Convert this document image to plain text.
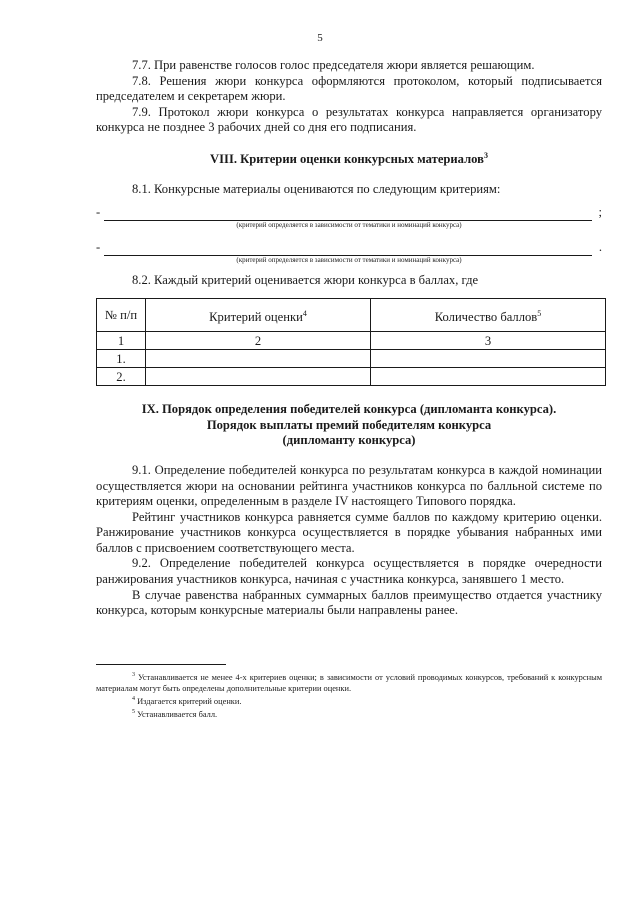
5

7.7. При равенстве голосов голос председателя жюри является решающим.

7.8. Решения жюри конкурса оформляются протоколом, который подписывается председателем и секретарем жюри.

7.9. Протокол жюри конкурса о результатах конкурса направляется организатору конкурса не позднее 3 рабочих дней со дня его подписания.

VIII. Критерии оценки конкурсных материалов$^3$

8.1. Конкурсные материалы оцениваются по следующим критериям:

-	;
(критерий определяется в зависимости от тематики и номинаций конкурса)
-	.
(критерий определяется в зависимости от тематики и номинаций конкурса)

8.2. Каждый критерий оценивается жюри конкурса в баллах, где

№ п/п	Критерий оценки$^4$	Количество баллов$^5$
1	2	3
1.		
2.		

IX. Порядок определения победителей конкурса (дипломанта конкурса).

Порядок выплаты премий победителям конкурса

(дипломанту конкурса)

9.1. Определение победителей конкурса по результатам конкурса в каждой номинации осуществляется жюри на основании рейтинга участников конкурса по балльной системе по критериям оценки, определенным в разделе IV настоящего Типового порядка.

Рейтинг участников конкурса равняется сумме баллов по каждому критерию оценки. Ранжирование участников конкурса осуществляется в порядке убывания набранных ими баллов с присвоением соответствующего места.

9.2. Определение победителей конкурса осуществляется в порядке очередности ранжирования участников конкурса, начиная с участника конкурса, занявшего 1 место.

В случае равенства набранных суммарных баллов преимущество отдается участнику конкурса, которым конкурсные материалы были направлены ранее.

$^3$ Устанавливается не менее 4-х критериев оценки; в зависимости от условий проводимых конкурсов, требований к конкурсным материалам могут быть определены дополнительные критерии оценки.
$^4$ Издагается критерий оценки.
$^5$ Устанавливается балл.
